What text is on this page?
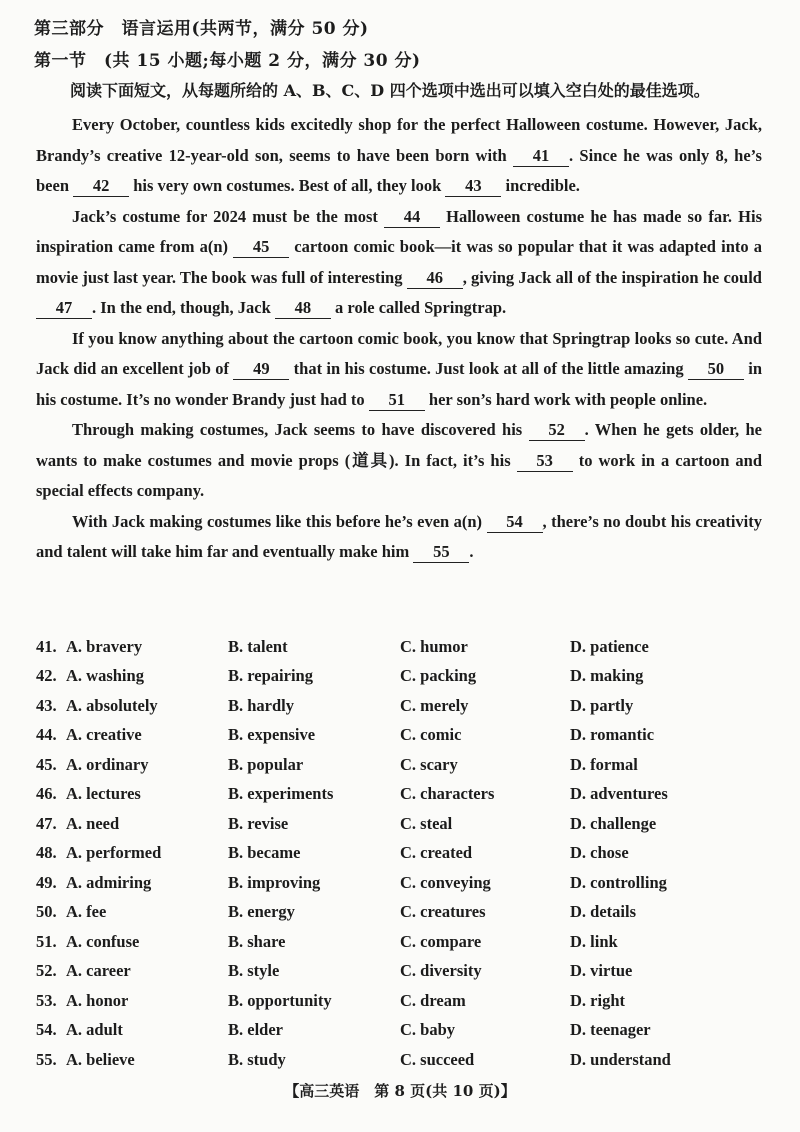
第三部分　语言运用(共两节，满分 50 分)
第一节　(共 15 小题;每小题 2 分，满分 30 分)
阅读下面短文，从每题所给的 A、B、C、D 四个选项中选出可以填入空白处的最佳选项。

Every October, countless kids excitedly shop for the perfect Halloween costume. However, Jack, Brandy’s creative 12-year-old son, seems to have been born with 41 . Since he was only 8, he’s been 42 his very own costumes. Best of all, they look 43 incredible.

Jack’s costume for 2024 must be the most 44 Halloween costume he has made so far. His inspiration came from a(n) 45 cartoon comic book—it was so popular that it was adapted into a movie just last year. The book was full of interesting 46 , giving Jack all of the inspiration he could 47 . In the end, though, Jack 48 a role called Springtrap.

If you know anything about the cartoon comic book, you know that Springtrap looks so cute. And Jack did an excellent job of 49 that in his costume. Just look at all of the little amazing 50 in his costume. It’s no wonder Brandy just had to 51 her son’s hard work with people online.

Through making costumes, Jack seems to have discovered his 52 . When he gets older, he wants to make costumes and movie props (道具). In fact, it’s his 53 to work in a cartoon and special effects company.

With Jack making costumes like this before he’s even a(n) 54 , there’s no doubt his creativity and talent will take him far and eventually make him 55 .

41. A. bravery	B. talent	C. humor	D. patience
42. A. washing	B. repairing	C. packing	D. making
43. A. absolutely	B. hardly	C. merely	D. partly
44. A. creative	B. expensive	C. comic	D. romantic
45. A. ordinary	B. popular	C. scary	D. formal
46. A. lectures	B. experiments	C. characters	D. adventures
47. A. need	B. revise	C. steal	D. challenge
48. A. performed	B. became	C. created	D. chose
49. A. admiring	B. improving	C. conveying	D. controlling
50. A. fee	B. energy	C. creatures	D. details
51. A. confuse	B. share	C. compare	D. link
52. A. career	B. style	C. diversity	D. virtue
53. A. honor	B. opportunity	C. dream	D. right
54. A. adult	B. elder	C. baby	D. teenager
55. A. believe	B. study	C. succeed	D. understand
【高三英语　第 8 页(共 10 页)】
